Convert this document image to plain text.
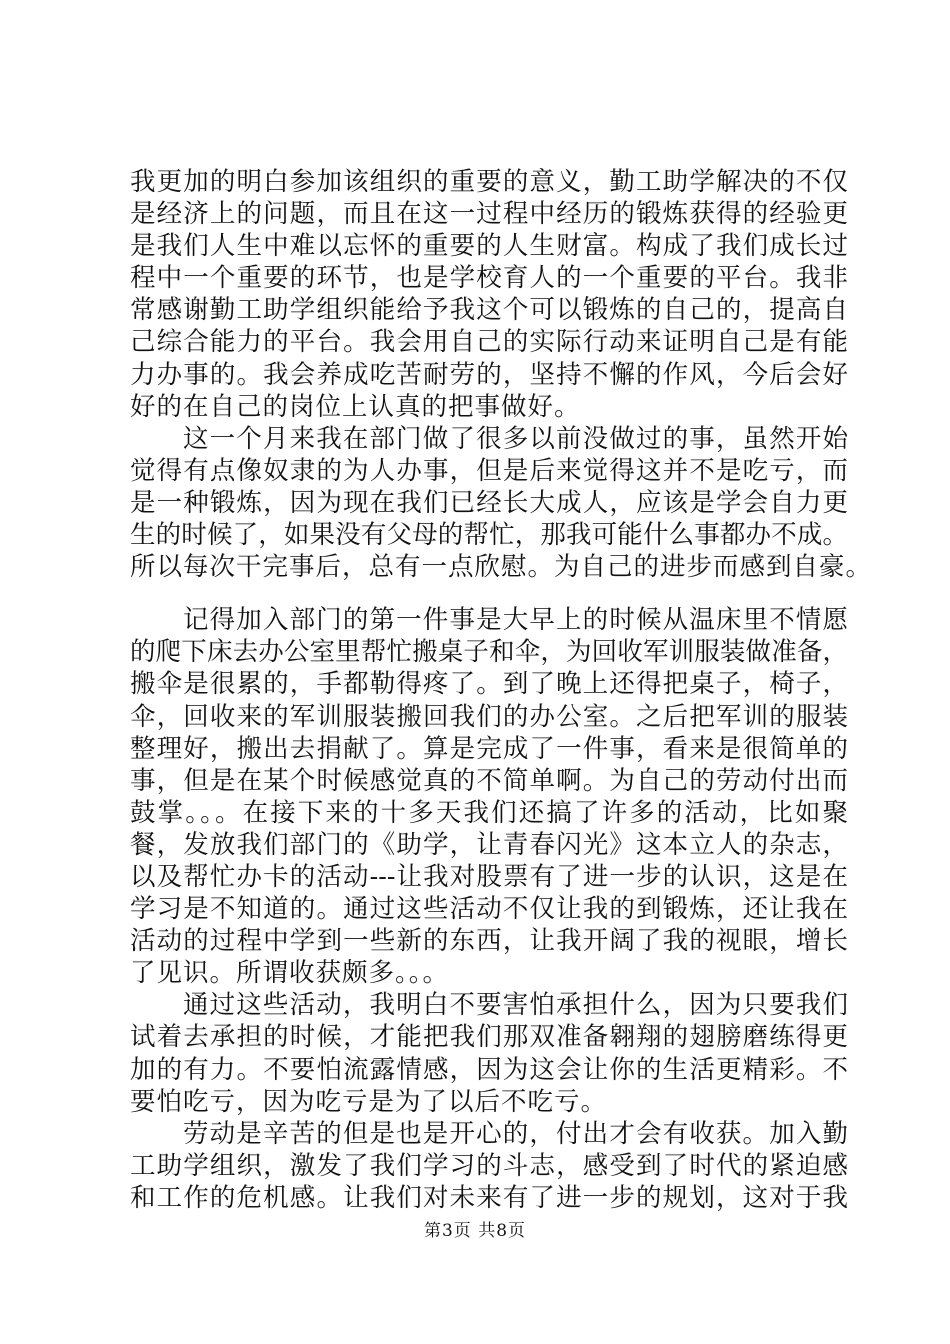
我更加的明白参加该组织的重要的意义，勤工助学解决的不仅
是经济上的问题，而且在这一过程中经历的锻炼获得的经验更
是我们人生中难以忘怀的重要的人生财富。构成了我们成长过
程中一个重要的环节，也是学校育人的一个重要的平台。我非
常感谢勤工助学组织能给予我这个可以锻炼的自己的，提高自
己综合能力的平台。我会用自己的实际行动来证明自己是有能
力办事的。我会养成吃苦耐劳的，坚持不懈的作风，今后会好
好的在自己的岗位上认真的把事做好。
这一个月来我在部门做了很多以前没做过的事，虽然开始
觉得有点像奴隶的为人办事，但是后来觉得这并不是吃亏，而
是一种锻炼，因为现在我们已经长大成人，应该是学会自力更
生的时候了，如果没有父母的帮忙，那我可能什么事都办不成。
所以每次干完事后，总有一点欣慰。为自己的进步而感到自豪。
记得加入部门的第一件事是大早上的时候从温床里不情愿
的爬下床去办公室里帮忙搬桌子和伞，为回收军训服装做准备，
搬伞是很累的，手都勒得疼了。到了晚上还得把桌子，椅子，
伞，回收来的军训服装搬回我们的办公室。之后把军训的服装
整理好，搬出去捐献了。算是完成了一件事，看来是很简单的
事，但是在某个时候感觉真的不简单啊。为自己的劳动付出而
鼓掌。。。在接下来的十多天我们还搞了许多的活动，比如聚
餐，发放我们部门的《助学，让青春闪光》这本立人的杂志，
以及帮忙办卡的活动---让我对股票有了进一步的认识，这是在
学习是不知道的。通过这些活动不仅让我的到锻炼，还让我在
活动的过程中学到一些新的东西，让我开阔了我的视眼，增长
了见识。所谓收获颇多。。。
通过这些活动，我明白不要害怕承担什么，因为只要我们
试着去承担的时候，才能把我们那双准备翱翔的翅膀磨练得更
加的有力。不要怕流露情感，因为这会让你的生活更精彩。不
要怕吃亏，因为吃亏是为了以后不吃亏。
劳动是辛苦的但是也是开心的，付出才会有收获。加入勤
工助学组织，激发了我们学习的斗志，感受到了时代的紧迫感
和工作的危机感。让我们对未来有了进一步的规划，这对于我
第3页 共8页
